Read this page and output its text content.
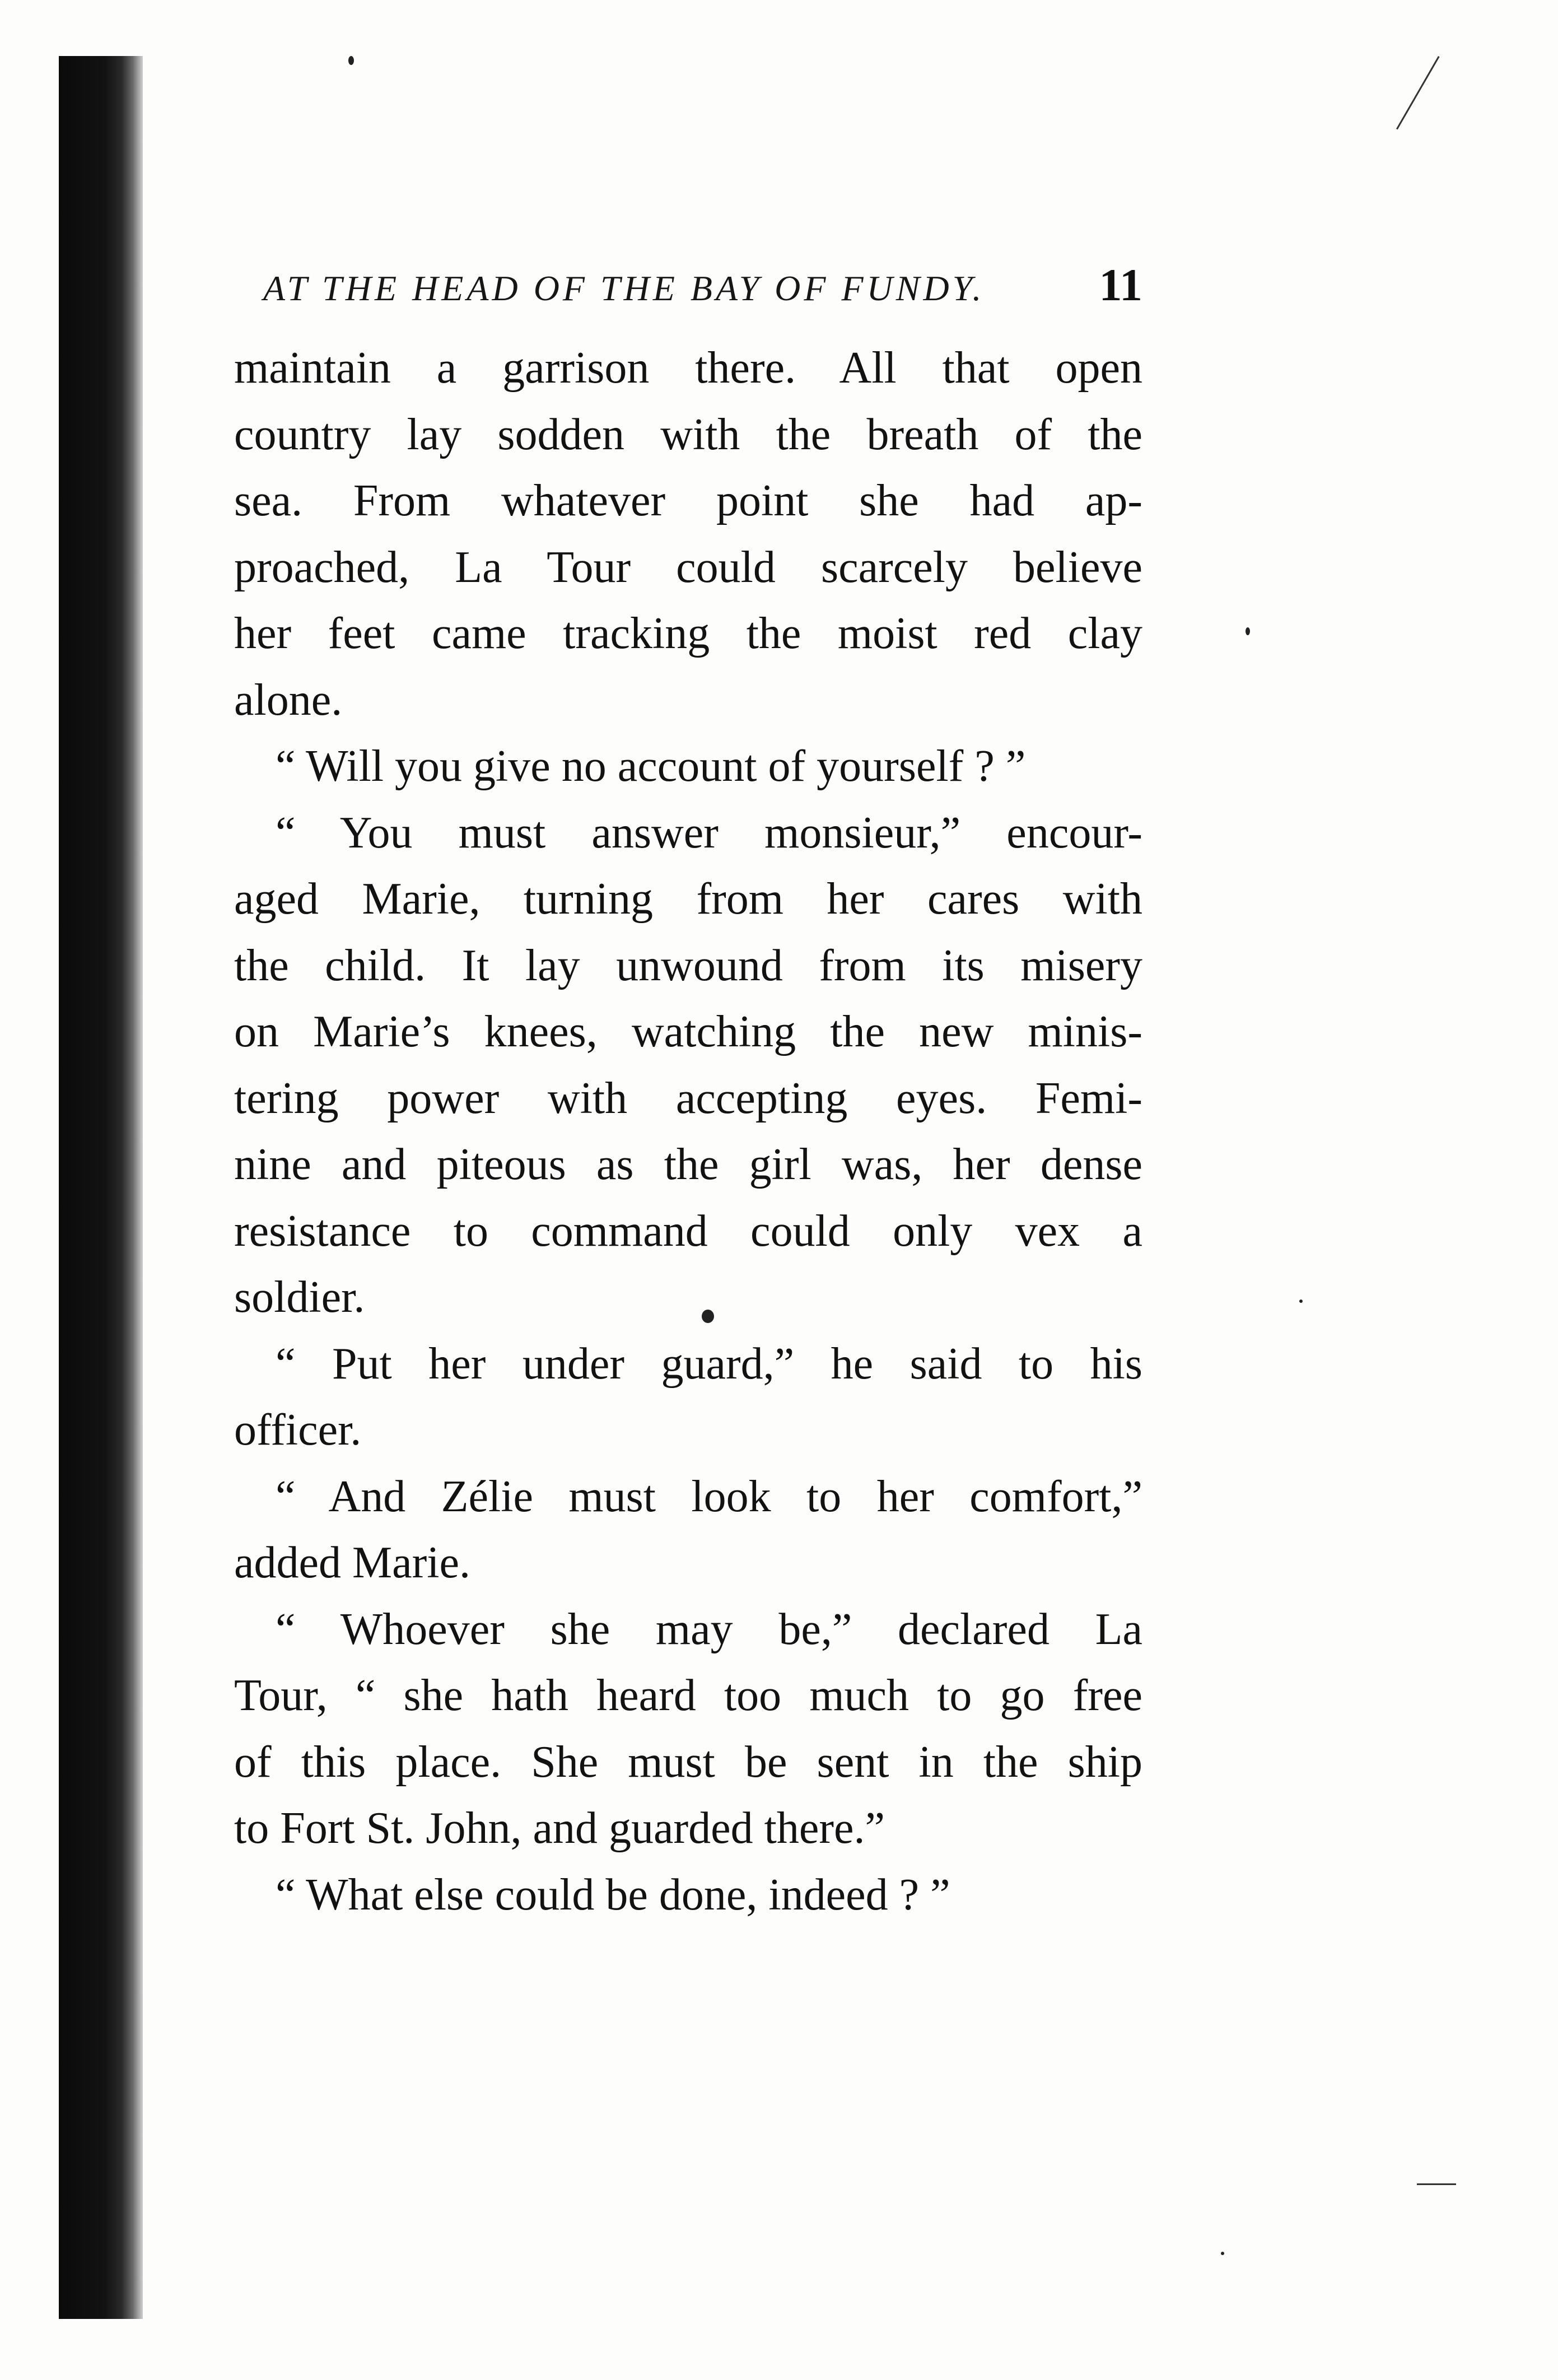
AT THE HEAD OF THE BAY OF FUNDY. 11
maintain a garrison there. All that open
country lay sodden with the breath of the
sea. From whatever point she had ap-
proached, La Tour could scarcely believe
her feet came tracking the moist red clay
alone.
“ Will you give no account of yourself ? ”
“ You must answer monsieur,” encour-
aged Marie, turning from her cares with
the child. It lay unwound from its misery
on Marie’s knees, watching the new minis-
tering power with accepting eyes. Femi-
nine and piteous as the girl was, her dense
resistance to command could only vex a
soldier.
“ Put her under guard,” he said to his
officer.
“ And Zélie must look to her comfort,”
added Marie.
“ Whoever she may be,” declared La
Tour, “ she hath heard too much to go free
of this place. She must be sent in the ship
to Fort St. John, and guarded there.”
“ What else could be done, indeed ? ”
